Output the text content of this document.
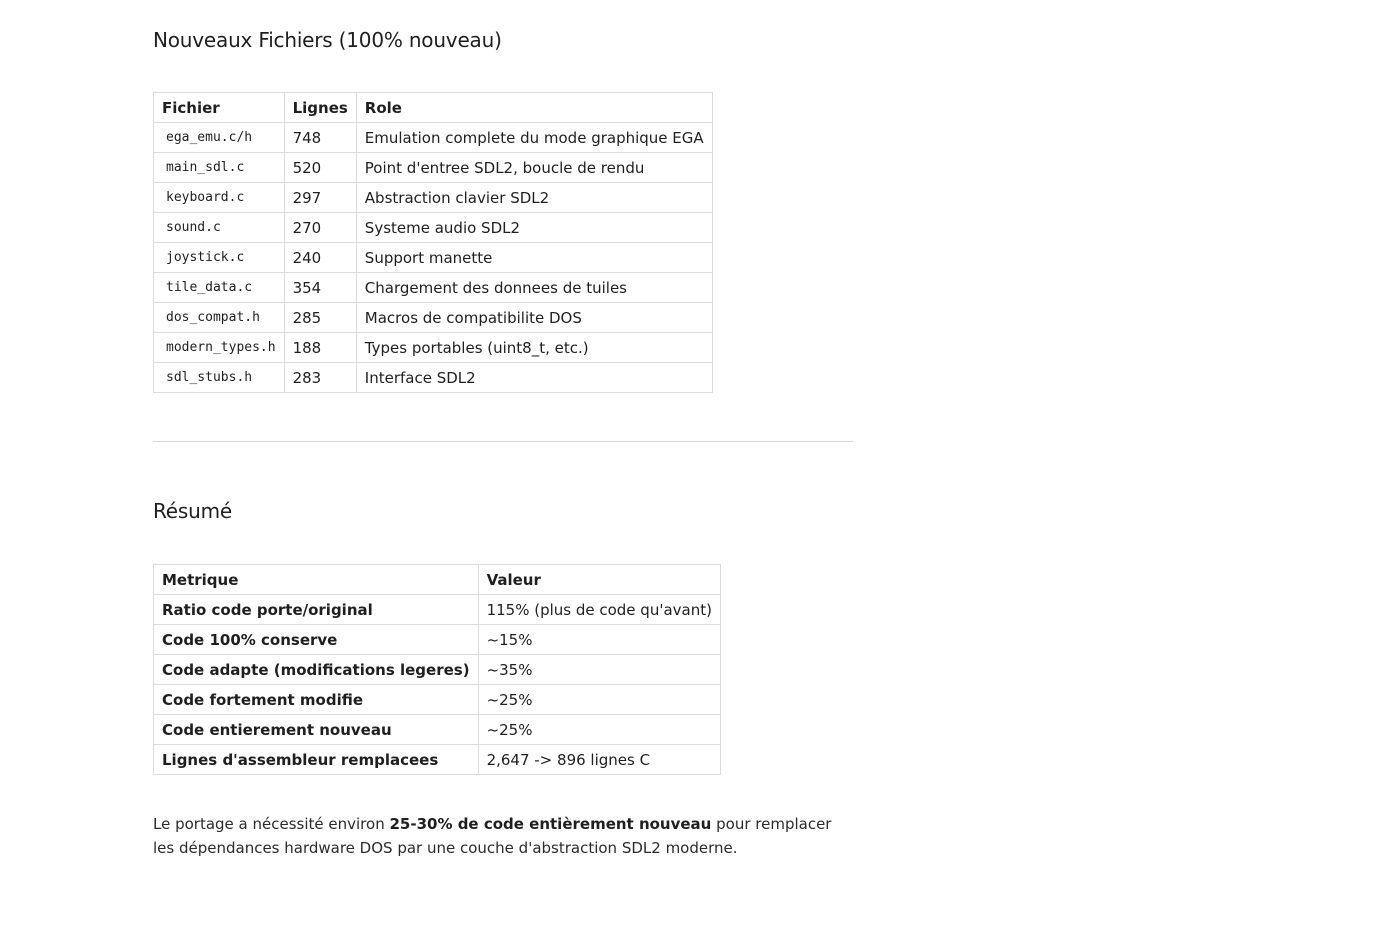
Nouveaux Fichiers (100% nouveau)
Fichier	Lignes	Role
ega_emu.c/h	748	Emulation complete du mode graphique EGA
main_sdl.c	520	Point d'entree SDL2, boucle de rendu
keyboard.c	297	Abstraction clavier SDL2
sound.c	270	Systeme audio SDL2
joystick.c	240	Support manette
tile_data.c	354	Chargement des donnees de tuiles
dos_compat.h	285	Macros de compatibilite DOS
modern_types.h	188	Types portables (uint8_t, etc.)
sdl_stubs.h	283	Interface SDL2
Résumé
Metrique	Valeur
Ratio code porte/original	115% (plus de code qu'avant)
Code 100% conserve	~15%
Code adapte (modifications legeres)	~35%
Code fortement modifie	~25%
Code entierement nouveau	~25%
Lignes d'assembleur remplacees	2,647 -> 896 lignes C

Le portage a nécessité environ 25-30% de code entièrement nouveau pour remplacer les dépendances hardware DOS par une couche d'abstraction SDL2 moderne.
